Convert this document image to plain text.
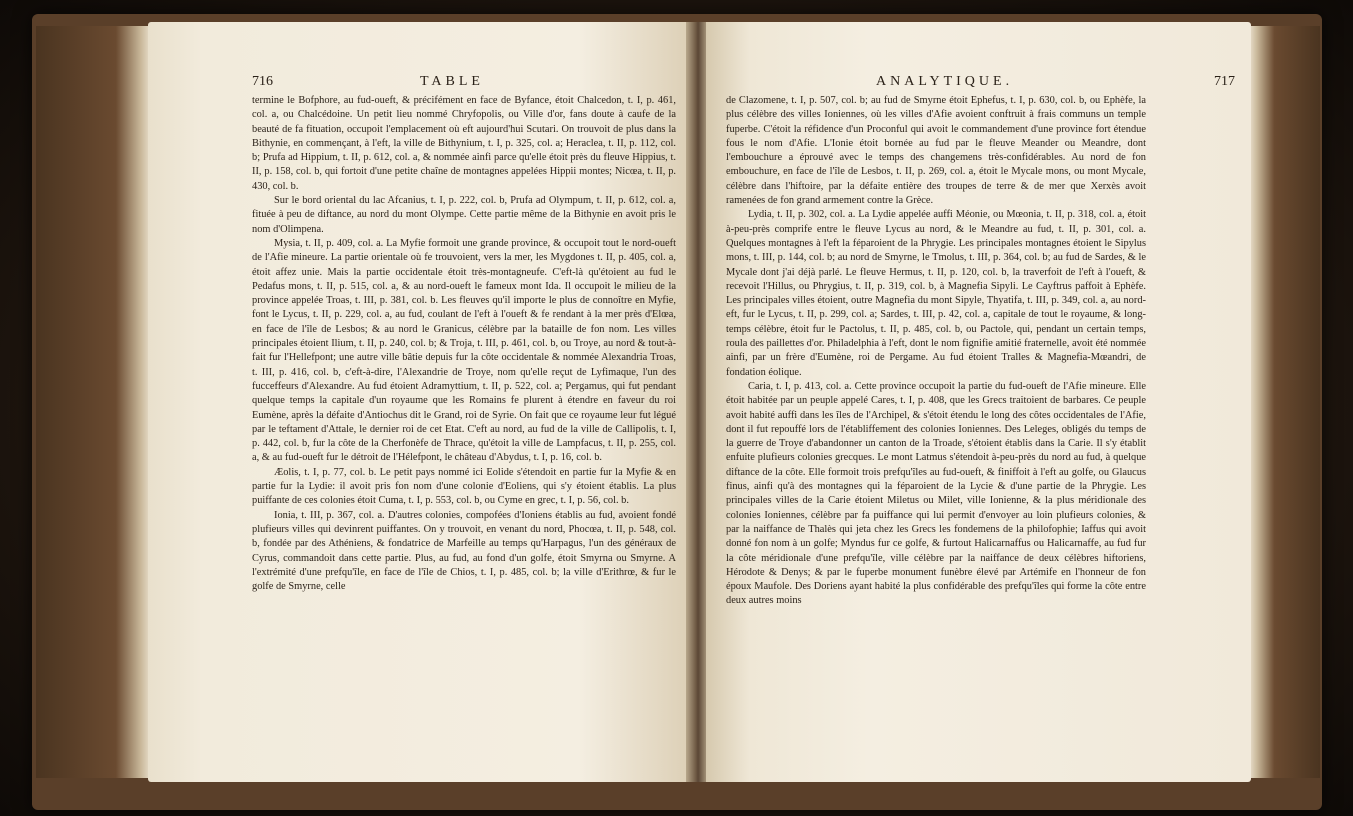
716	TABLE

termine le Bofphore, au fud-oueft, & précifément en face de Byfance, étoit Chalcedon, t. I, p. 461, col. a, ou Chalcédoine. Un petit lieu nommé Chryfopolis, ou Ville d'or, fans doute à caufe de la beauté de fa fituation, occupoit l'emplacement où eft aujourd'hui Scutari. On trouvoit de plus dans la Bithynie, en commençant, à l'eft, la ville de Bithynium, t. I, p. 325, col. a; Heraclea, t. II, p. 112, col. b; Prufa ad Hippium, t. II, p. 612, col. a, & nommée ainfi parce qu'elle étoit près du fleuve Hippius, t. II, p. 158, col. b, qui fortoit d'une petite chaîne de montagnes appelées Hippii montes; Nicœa, t. II, p. 430, col. b.

Sur le bord oriental du lac Afcanius, t. I, p. 222, col. b, Prufa ad Olympum, t. II, p. 612, col. a, fituée à peu de diftance, au nord du mont Olympe. Cette partie même de la Bithynie en avoit pris le nom d'Olimpena.

Mysia, t. II, p. 409, col. a. La Myfie formoit une grande province, & occupoit tout le nord-oueft de l'Afie mineure. La partie orientale où fe trouvoient, vers la mer, les Mygdones t. II, p. 405, col. a, étoit affez unie. Mais la partie occidentale étoit très-montagneufe. C'eft-là qu'étoient au fud le Pedafus mons, t. II, p. 515, col. a, & au nord-oueft le fameux mont Ida. Il occupoit le milieu de la province appelée Troas, t. III, p. 381, col. b. Les fleuves qu'il importe le plus de connoître en Myfie, font le Lycus, t. II, p. 229, col. a, au fud, coulant de l'eft à l'oueft & fe rendant à la mer près d'Elœa, en face de l'île de Lesbos; & au nord le Granicus, célèbre par la bataille de fon nom. Les villes principales étoient Ilium, t. II, p. 240, col. b; & Troja, t. III, p. 461, col. b, ou Troye, au nord & tout-à-fait fur l'Hellefpont; une autre ville bâtie depuis fur la côte occidentale & nommée Alexandria Troas, t. III, p. 416, col. b, c'eft-à-dire, l'Alexandrie de Troye, nom qu'elle reçut de Lyfimaque, l'un des fucceffeurs d'Alexandre. Au fud étoient Adramyttium, t. II, p. 522, col. a; Pergamus, qui fut pendant quelque temps la capitale d'un royaume que les Romains fe plurent à étendre en faveur du roi Eumène, après la défaite d'Antiochus dit le Grand, roi de Syrie. On fait que ce royaume leur fut légué par le teftament d'Attale, le dernier roi de cet Etat. C'eft au nord, au fud de la ville de Callipolis, t. I, p. 442, col. b, fur la côte de la Cherfonèfe de Thrace, qu'étoit la ville de Lampfacus, t. II, p. 255, col. a, & au fud-oueft fur le détroit de l'Hélefpont, le château d'Abydus, t. I, p. 16, col. b.

Æolis, t. I, p. 77, col. b. Le petit pays nommé ici Eolide s'étendoit en partie fur la Myfie & en partie fur la Lydie: il avoit pris fon nom d'une colonie d'Eoliens, qui s'y étoient établis. La plus puiffante de ces colonies étoit Cuma, t. I, p. 553, col. b, ou Cyme en grec, t. I, p. 56, col. b.

Ionia, t. III, p. 367, col. a. D'autres colonies, compofées d'Ioniens établis au fud, avoient fondé plufieurs villes qui devinrent puiffantes. On y trouvoit, en venant du nord, Phocœa, t. II, p. 548, col. b, fondée par des Athéniens, & fondatrice de Marfeille au temps qu'Harpagus, l'un des généraux de Cyrus, commandoit dans cette partie. Plus, au fud, au fond d'un golfe, étoit Smyrna ou Smyrne. A l'extrémité d'une prefqu'île, en face de l'île de Chios, t. I, p. 485, col. b; la ville d'Erithrœ, & fur le golfe de Smyrne, celle

ANALYTIQUE.	717

de Clazomene, t. I, p. 507, col. b; au fud de Smyrne étoit Ephefus, t. I, p. 630, col. b, ou Ephèfe, la plus célèbre des villes Ioniennes, où les villes d'Afie avoient conftruit à frais communs un temple fuperbe. C'étoit la réfidence d'un Proconful qui avoit le commandement d'une province fort étendue fous le nom d'Afie. L'Ionie étoit bornée au fud par le fleuve Meander ou Meandre, dont l'embouchure a éprouvé avec le temps des changemens très-confidérables. Au nord de fon embouchure, en face de l'île de Lesbos, t. II, p. 269, col. a, étoit le Mycale mons, ou mont Mycale, célèbre dans l'hiftoire, par la défaite entière des troupes de terre & de mer que Xerxès avoit ramenées de fon grand armement contre la Grèce.

Lydia, t. II, p. 302, col. a. La Lydie appelée auffi Méonie, ou Mœonia, t. II, p. 318, col. a, étoit à-peu-près comprife entre le fleuve Lycus au nord, & le Meandre au fud, t. II, p. 301, col. a. Quelques montagnes à l'eft la féparoient de la Phrygie. Les principales montagnes étoient le Sipylus mons, t. III, p. 144, col. b; au nord de Smyrne, le Tmolus, t. III, p. 364, col. b; au fud de Sardes, & le Mycale dont j'ai déjà parlé. Le fleuve Hermus, t. II, p. 120, col. b, la traverfoit de l'eft à l'oueft, & recevoit l'Hillus, ou Phrygius, t. II, p. 319, col. b, à Magnefia Sipyli. Le Cayftrus paffoit à Ephèfe. Les principales villes étoient, outre Magnefia du mont Sipyle, Thyatifa, t. III, p. 349, col. a, au nord-eft, fur le Lycus, t. II, p. 299, col. a; Sardes, t. III, p. 42, col. a, capitale de tout le royaume, & long-temps célèbre, étoit fur le Pactolus, t. II, p. 485, col. b, ou Pactole, qui, pendant un certain temps, roula des paillettes d'or. Philadelphia à l'eft, dont le nom fignifie amitié fraternelle, avoit été nommée ainfi, par un frère d'Eumène, roi de Pergame. Au fud étoient Tralles & Magnefia-Mœandri, de fondation éolique.

Caria, t. I, p. 413, col. a. Cette province occupoit la partie du fud-oueft de l'Afie mineure. Elle étoit habitée par un peuple appelé Cares, t. I, p. 408, que les Grecs traitoient de barbares. Ce peuple avoit habité auffi dans les îles de l'Archipel, & s'étoit étendu le long des côtes occidentales de l'Afie, dont il fut repouffé lors de l'établiffement des colonies Ioniennes. Des Leleges, obligés du temps de la guerre de Troye d'abandonner un canton de la Troade, s'étoient établis dans la Carie. Il s'y établit enfuite plufieurs colonies grecques. Le mont Latmus s'étendoit à-peu-près du nord au fud, à quelque diftance de la côte. Elle formoit trois prefqu'îles au fud-oueft, & finiffoit à l'eft au golfe, ou Glaucus finus, ainfi qu'à des montagnes qui la féparoient de la Lycie & d'une partie de la Phrygie. Les principales villes de la Carie étoient Miletus ou Milet, ville Ionienne, & la plus méridionale des colonies Ioniennes, célèbre par fa puiffance qui lui permit d'envoyer au loin plufieurs colonies, & par la naiffance de Thalès qui jeta chez les Grecs les fondemens de la philofophie; Iaffus qui avoit donné fon nom à un golfe; Myndus fur ce golfe, & furtout Halicarnaffus ou Halicarnaffe, au fud fur la côte méridionale d'une prefqu'île, ville célèbre par la naiffance de deux célèbres hiftoriens, Hérodote & Denys; & par le fuperbe monument funèbre élevé par Artémife en l'honneur de fon époux Maufole. Des Doriens ayant habité la plus confidérable des prefqu'îles qui forme la côte entre deux autres moins
